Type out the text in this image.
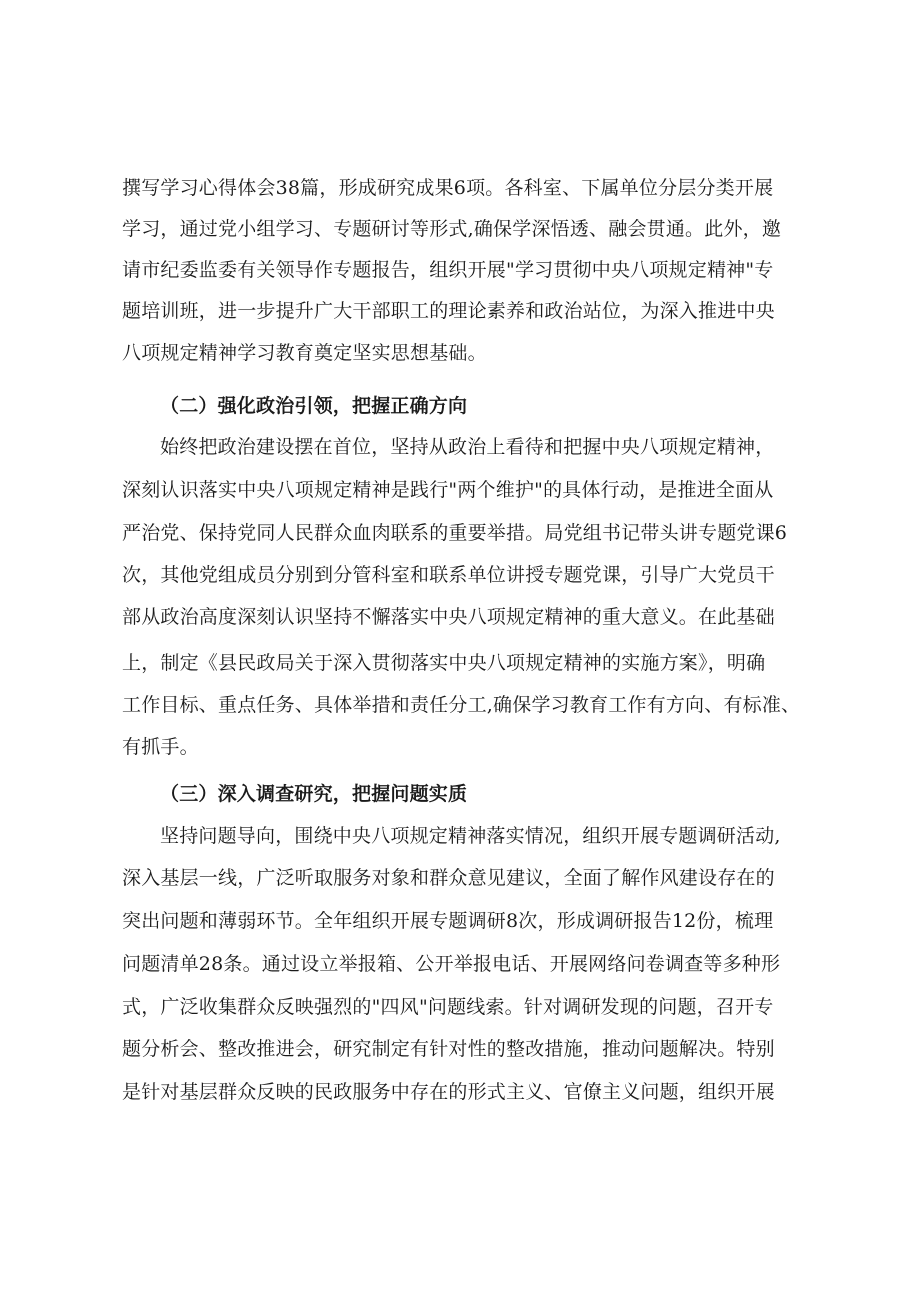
撰写学习心得体会38篇，形成研究成果6项。各科室、下属单位分层分类开展
学习，通过党小组学习、专题研讨等形式,确保学深悟透、融会贯通。此外，邀
请市纪委监委有关领导作专题报告，组织开展"学习贯彻中央八项规定精神"专
题培训班，进一步提升广大干部职工的理论素养和政治站位，为深入推进中央
八项规定精神学习教育奠定坚实思想基础。
（二）强化政治引领，把握正确方向
始终把政治建设摆在首位，坚持从政治上看待和把握中央八项规定精神，
深刻认识落实中央八项规定精神是践行"两个维护"的具体行动，是推进全面从
严治党、保持党同人民群众血肉联系的重要举措。局党组书记带头讲专题党课6
次，其他党组成员分别到分管科室和联系单位讲授专题党课，引导广大党员干
部从政治高度深刻认识坚持不懈落实中央八项规定精神的重大意义。在此基础
上，制定《县民政局关于深入贯彻落实中央八项规定精神的实施方案》，明确
工作目标、重点任务、具体举措和责任分工,确保学习教育工作有方向、有标准、
有抓手。
（三）深入调查研究，把握问题实质
坚持问题导向，围绕中央八项规定精神落实情况，组织开展专题调研活动,
深入基层一线，广泛听取服务对象和群众意见建议，全面了解作风建设存在的
突出问题和薄弱环节。全年组织开展专题调研8次，形成调研报告12份，梳理
问题清单28条。通过设立举报箱、公开举报电话、开展网络问卷调查等多种形
式，广泛收集群众反映强烈的"四风"问题线索。针对调研发现的问题，召开专
题分析会、整改推进会，研究制定有针对性的整改措施，推动问题解决。特别
是针对基层群众反映的民政服务中存在的形式主义、官僚主义问题，组织开展
